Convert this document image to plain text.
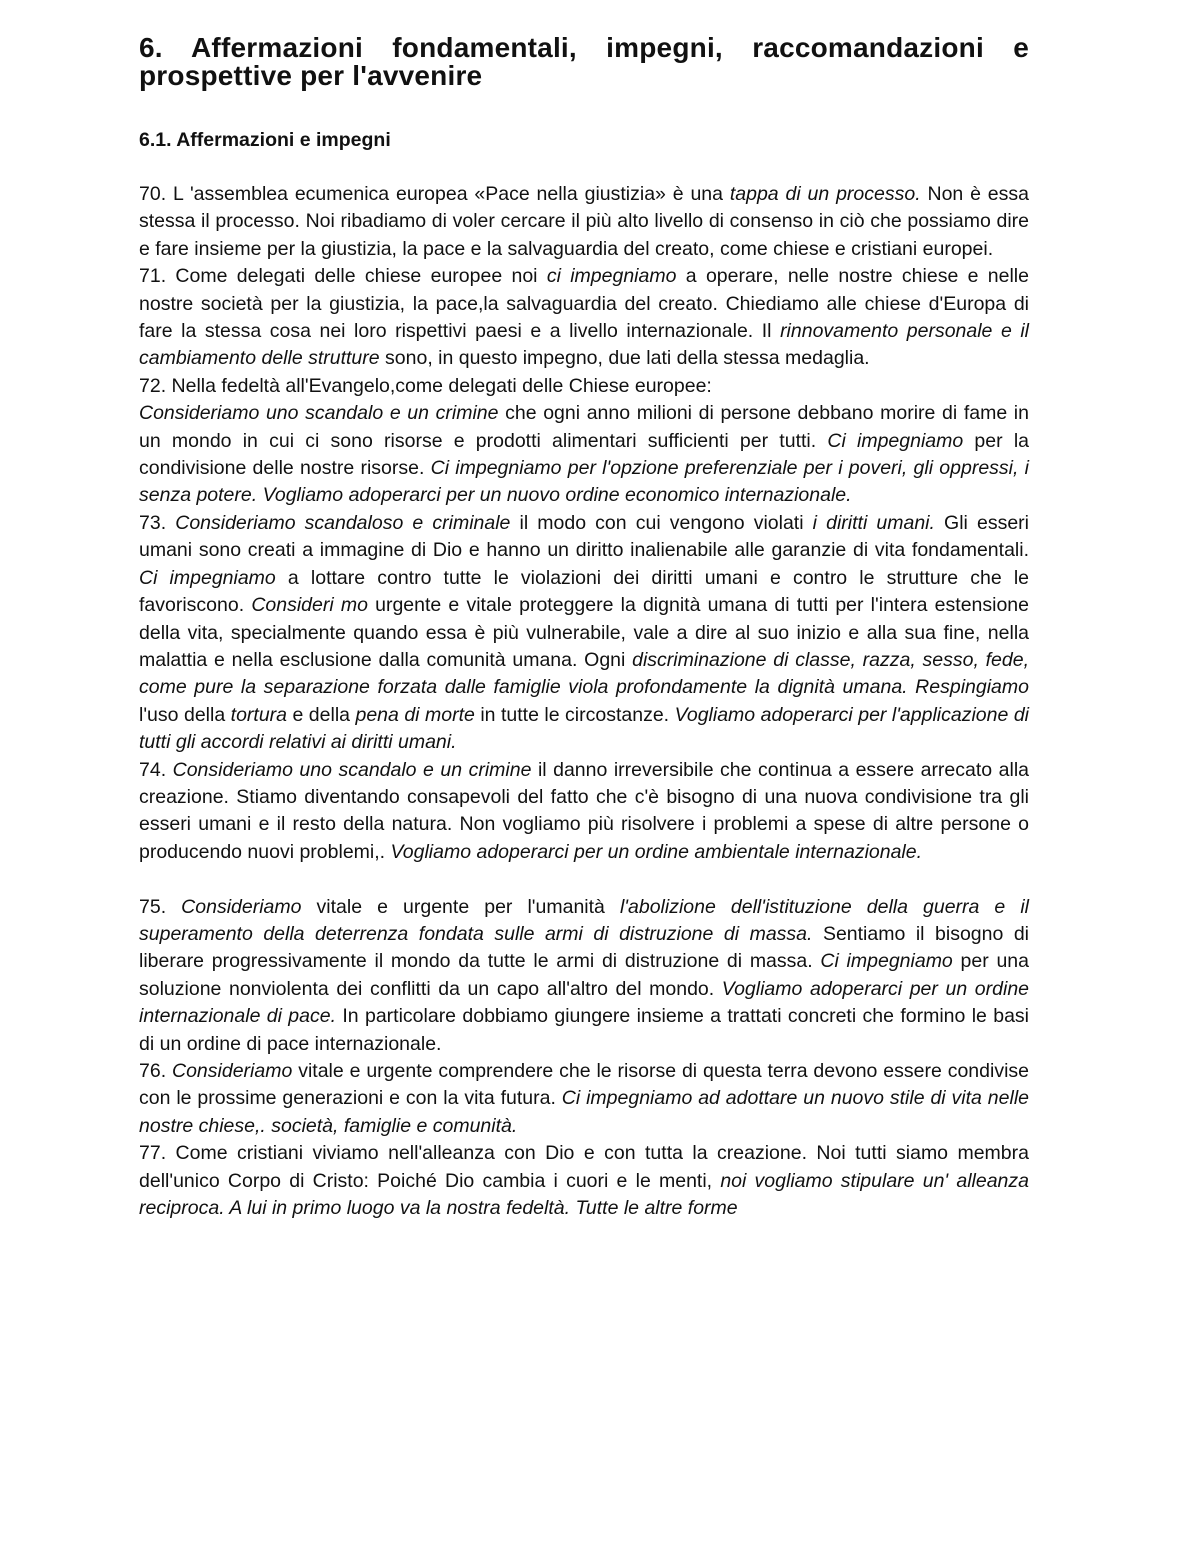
6. Affermazioni fondamentali, impegni, raccomandazioni e prospettive per l'avvenire
6.1. Affermazioni e impegni

70. L 'assemblea ecumenica europea «Pace nella giustizia» è una tappa di un processo. Non è essa stessa il processo. Noi ribadiamo di voler cercare il più alto livello di consenso in ciò che possiamo dire e fare insieme per la giustizia, la pace e la salvaguardia del creato, come chiese e cristiani europei.

71. Come delegati delle chiese europee noi ci impegniamo a operare, nelle nostre chiese e nelle nostre società per la giustizia, la pace,la salvaguardia del creato. Chiediamo alle chiese d'Europa di fare la stessa cosa nei loro rispettivi paesi e a livello internazionale. Il rinnovamento personale e il cambiamento delle strutture sono, in questo impegno, due lati della stessa medaglia.

72. Nella fedeltà all'Evangelo,come delegati delle Chiese europee:

Consideriamo uno scandalo e un crimine che ogni anno milioni di persone debbano morire di fame in un mondo in cui ci sono risorse e prodotti alimentari sufficienti per tutti. Ci impegniamo per la condivisione delle nostre risorse. Ci impegniamo per l'opzione preferenziale per i poveri, gli oppressi, i senza potere. Vogliamo adoperarci per un nuovo ordine economico internazionale.

73. Consideriamo scandaloso e criminale il modo con cui vengono violati i diritti umani. Gli esseri umani sono creati a immagine di Dio e hanno un diritto inalienabile alle garanzie di vita fondamentali. Ci impegniamo a lottare contro tutte le violazioni dei diritti umani e contro le strutture che le favoriscono. Consideri mo urgente e vitale proteggere la dignità umana di tutti per l'intera estensione della vita, specialmente quando essa è più vulnerabile, vale a dire al suo inizio e alla sua fine, nella malattia e nella esclusione dalla comunità umana. Ogni discriminazione di classe, razza, sesso, fede, come pure la separazione forzata dalle famiglie viola profondamente la dignità umana. Respingiamo l'uso della tortura e della pena di morte in tutte le circostanze. Vogliamo adoperarci per l'applicazione di tutti gli accordi relativi ai diritti umani.

74. Consideriamo uno scandalo e un crimine il danno irreversibile che continua a essere arrecato alla creazione. Stiamo diventando consapevoli del fatto che c'è bisogno di una nuova condivisione tra gli esseri umani e il resto della natura. Non vogliamo più risolvere i problemi a spese di altre persone o producendo nuovi problemi,. Vogliamo adoperarci per un ordine ambientale internazionale.

75. Consideriamo vitale e urgente per l'umanità l'abolizione dell'istituzione della guerra e il superamento della deterrenza fondata sulle armi di distruzione di massa. Sentiamo il bisogno di liberare progressivamente il mondo da tutte le armi di distruzione di massa. Ci impegniamo per una soluzione nonviolenta dei conflitti da un capo all'altro del mondo. Vogliamo adoperarci per un ordine internazionale di pace. In particolare dobbiamo giungere insieme a trattati concreti che formino le basi di un ordine di pace internazionale.

76. Consideriamo vitale e urgente comprendere che le risorse di questa terra devono essere condivise con le prossime generazioni e con la vita futura. Ci impegniamo ad adottare un nuovo stile di vita nelle nostre chiese,. società, famiglie e comunità.

77. Come cristiani viviamo nell'alleanza con Dio e con tutta la creazione. Noi tutti siamo membra dell'unico Corpo di Cristo: Poiché Dio cambia i cuori e le menti, noi vogliamo stipulare un' alleanza reciproca. A lui in primo luogo va la nostra fedeltà. Tutte le altre forme
